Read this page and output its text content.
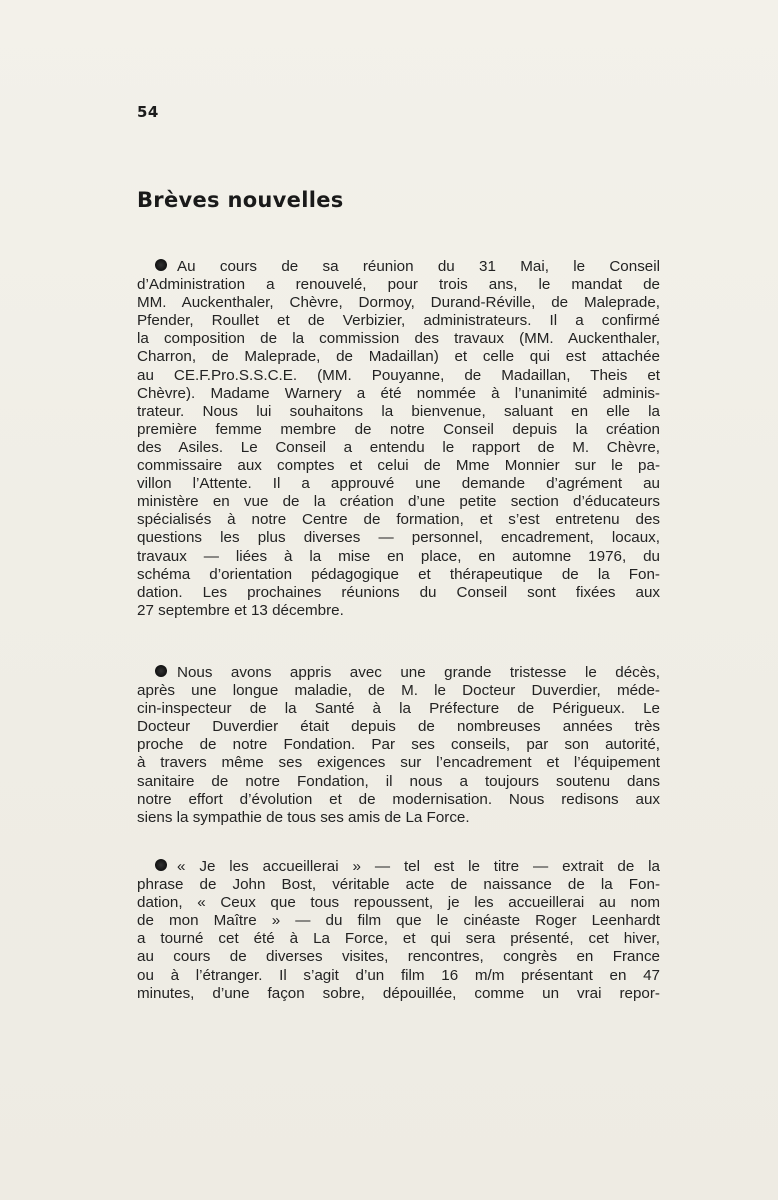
54
Brèves nouvelles
Au cours de sa réunion du 31 Mai, le Conseil
d’Administration a renouvelé, pour trois ans, le mandat de
MM. Auckenthaler, Chèvre, Dormoy, Durand-Réville, de Maleprade,
Pfender, Roullet et de Verbizier, administrateurs. Il a confirmé
la composition de la commission des travaux (MM. Auckenthaler,
Charron, de Maleprade, de Madaillan) et celle qui est attachée
au CE.F.Pro.S.S.C.E. (MM. Pouyanne, de Madaillan, Theis et
Chèvre). Madame Warnery a été nommée à l’unanimité adminis-
trateur. Nous lui souhaitons la bienvenue, saluant en elle la
première femme membre de notre Conseil depuis la création
des Asiles. Le Conseil a entendu le rapport de M. Chèvre,
commissaire aux comptes et celui de Mme Monnier sur le pa-
villon l’Attente. Il a approuvé une demande d’agrément au
ministère en vue de la création d’une petite section d’éducateurs
spécialisés à notre Centre de formation, et s’est entretenu des
questions les plus diverses — personnel, encadrement, locaux,
travaux — liées à la mise en place, en automne 1976, du
schéma d’orientation pédagogique et thérapeutique de la Fon-
dation. Les prochaines réunions du Conseil sont fixées aux
27 septembre et 13 décembre.
Nous avons appris avec une grande tristesse le décès,
après une longue maladie, de M. le Docteur Duverdier, méde-
cin-inspecteur de la Santé à la Préfecture de Périgueux. Le
Docteur Duverdier était depuis de nombreuses années très
proche de notre Fondation. Par ses conseils, par son autorité,
à travers même ses exigences sur l’encadrement et l’équipement
sanitaire de notre Fondation, il nous a toujours soutenu dans
notre effort d’évolution et de modernisation. Nous redisons aux
siens la sympathie de tous ses amis de La Force.
« Je les accueillerai » — tel est le titre — extrait de la
phrase de John Bost, véritable acte de naissance de la Fon-
dation, « Ceux que tous repoussent, je les accueillerai au nom
de mon Maître » — du film que le cinéaste Roger Leenhardt
a tourné cet été à La Force, et qui sera présenté, cet hiver,
au cours de diverses visites, rencontres, congrès en France
ou à l’étranger. Il s’agit d’un film 16 m/m présentant en 47
minutes, d’une façon sobre, dépouillée, comme un vrai repor-
